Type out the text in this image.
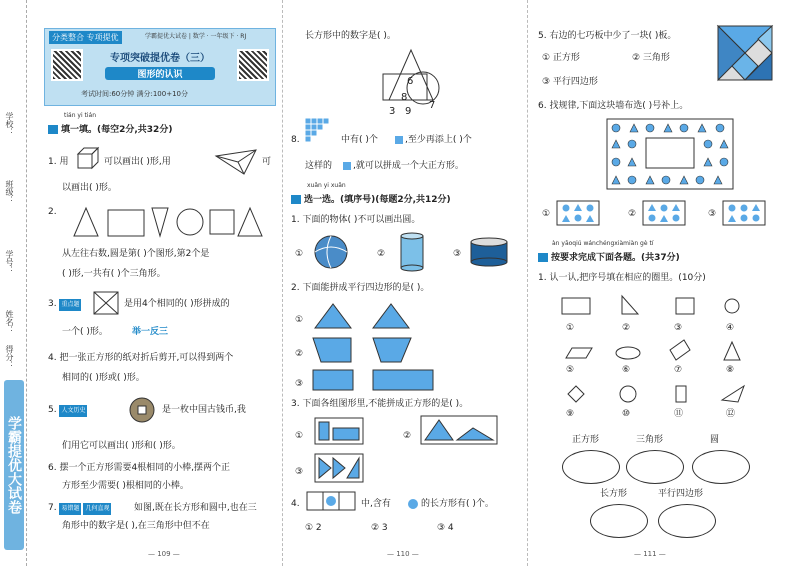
学校：
班级：
学号：
姓名：
得分：
学霸提优大试卷
分类整合 专项提优	学霸提优大试卷 | 数学 · 一年级下 · RJ
专项突破提优卷（三）
图形的认识
考试时间:60分钟 满分:100+10分
tián yi tián
填一填。(每空2分,共32分)
1. 用	可以画出( )形,用	可
以画出( )形。
2.
从左往右数,圆是第( )个图形,第2个是
( )形,一共有( )个三角形。
3. 重点题	是用4个相同的( )形拼成的
一个( )形。	举一反三
4. 把一张正方形的纸对折后剪开,可以得到两个
相同的( )形或( )形。
5. 人文历史	是一枚中国古钱币,我
们用它可以画出( )形和( )形。
6. 摆一个正方形需要4根相同的小棒,摆两个正
方形至少需要( )根相同的小棒。
7. 易错题 几何直观	如图,既在长方形和圆中,也在三
角形中的数字是( ),在三角形中但不在
— 109 —
长方形中的数字是( )。
6
8
3 9
7
8.	中有( )个	,至少再添上( )个
这样的 ,就可以拼成一个大正方形。
xuǎn yi xuǎn
选一选。(填序号)(每题2分,共12分)
1. 下面的物体( )不可以画出圆。
①	②	③
2. 下面能拼成平行四边形的是( )。
①
②
③
3. 下面各组图形里,不能拼成正方形的是( )。
①	②
③
4.	中,含有	的长方形有( )个。
① 2	② 3	③ 4
— 110 —
5. 右边的七巧板中少了一块( )板。
① 正方形	② 三角形
③ 平行四边形
6. 找规律,下面这块墙布选( )号补上。
①	②	③
àn yāoqiú wánchéngxiàmiàn gè tí
按要求完成下面各题。(共37分)
1. 认一认,把序号填在相应的圈里。(10分)
①	②	③	④
⑤	⑥	⑦	⑧
⑨	⑩	⑪	⑫
正方形	三角形	圆
长方形	平行四边形
— 111 —
